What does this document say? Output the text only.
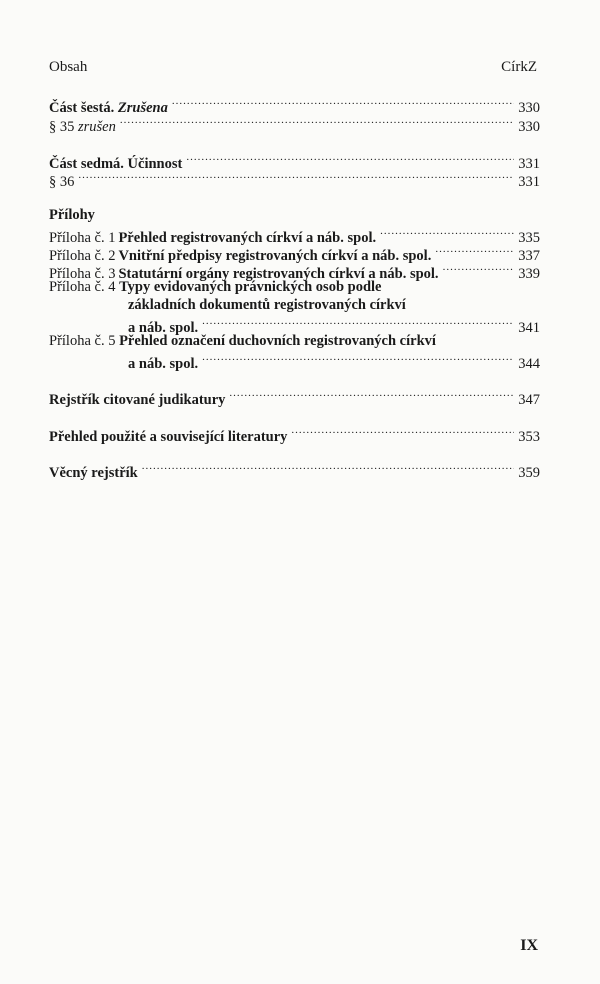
Obsah	CírkZ
Část šestá. Zrušena .....	330
§ 35 zrušen .....	330
Část sedmá. Účinnost .....	331
§ 36 .....	331
Přílohy
Příloha č. 1 Přehled registrovaných církví a náb. spol. .....	335
Příloha č. 2 Vnitřní předpisy registrovaných církví a náb. spol. .....	337
Příloha č. 3 Statutární orgány registrovaných církví a náb. spol. .....	339
Příloha č. 4 Typy evidovaných právnických osob podle
základních dokumentů registrovaných církví
a náb. spol. .....	341
Příloha č. 5 Přehled označení duchovních registrovaných církví
a náb. spol. .....	344
Rejstřík citované judikatury .....	347
Přehled použité a související literatury .....	353
Věcný rejstřík .....	359
IX
